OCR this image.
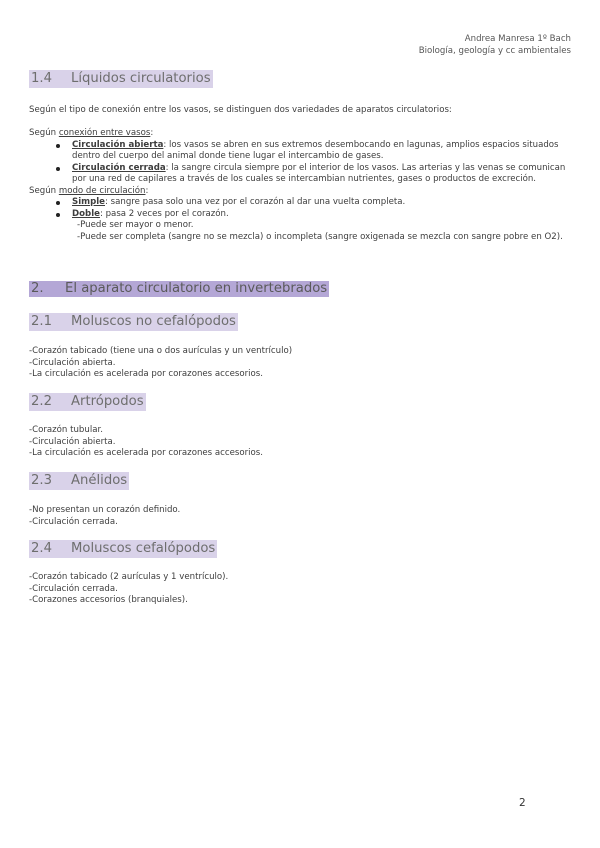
Andrea Manresa 1º Bach
Biología, geología y cc ambientales
1.4 Líquidos circulatorios

Según el tipo de conexión entre los vasos, se distinguen dos variedades de aparatos circulatorios:

Según conexión entre vasos:

Circulación abierta: los vasos se abren en sus extremos desembocando en lagunas, amplios espacios situados dentro del cuerpo del animal donde tiene lugar el intercambio de gases.
Circulación cerrada: la sangre circula siempre por el interior de los vasos. Las arterias y las venas se comunican por una red de capilares a través de los cuales se intercambian nutrientes, gases o productos de excreción.

Según modo de circulación:

Simple: sangre pasa solo una vez por el corazón al dar una vuelta completa.
Doble: pasa 2 veces por el corazón.

-Puede ser mayor o menor.

-Puede ser completa (sangre no se mezcla) o incompleta (sangre oxigenada se mezcla con sangre pobre en O2).

2. El aparato circulatorio en invertebrados
2.1 Moluscos no cefalópodos

-Corazón tabicado (tiene una o dos aurículas y un ventrículo)

-Circulación abierta.

-La circulación es acelerada por corazones accesorios.

2.2 Artrópodos

-Corazón tubular.

-Circulación abierta.

-La circulación es acelerada por corazones accesorios.

2.3 Anélidos

-No presentan un corazón definido.

-Circulación cerrada.

2.4 Moluscos cefalópodos

-Corazón tabicado (2 aurículas y 1 ventrículo).

-Circulación cerrada.

-Corazones accesorios (branquiales).

2
